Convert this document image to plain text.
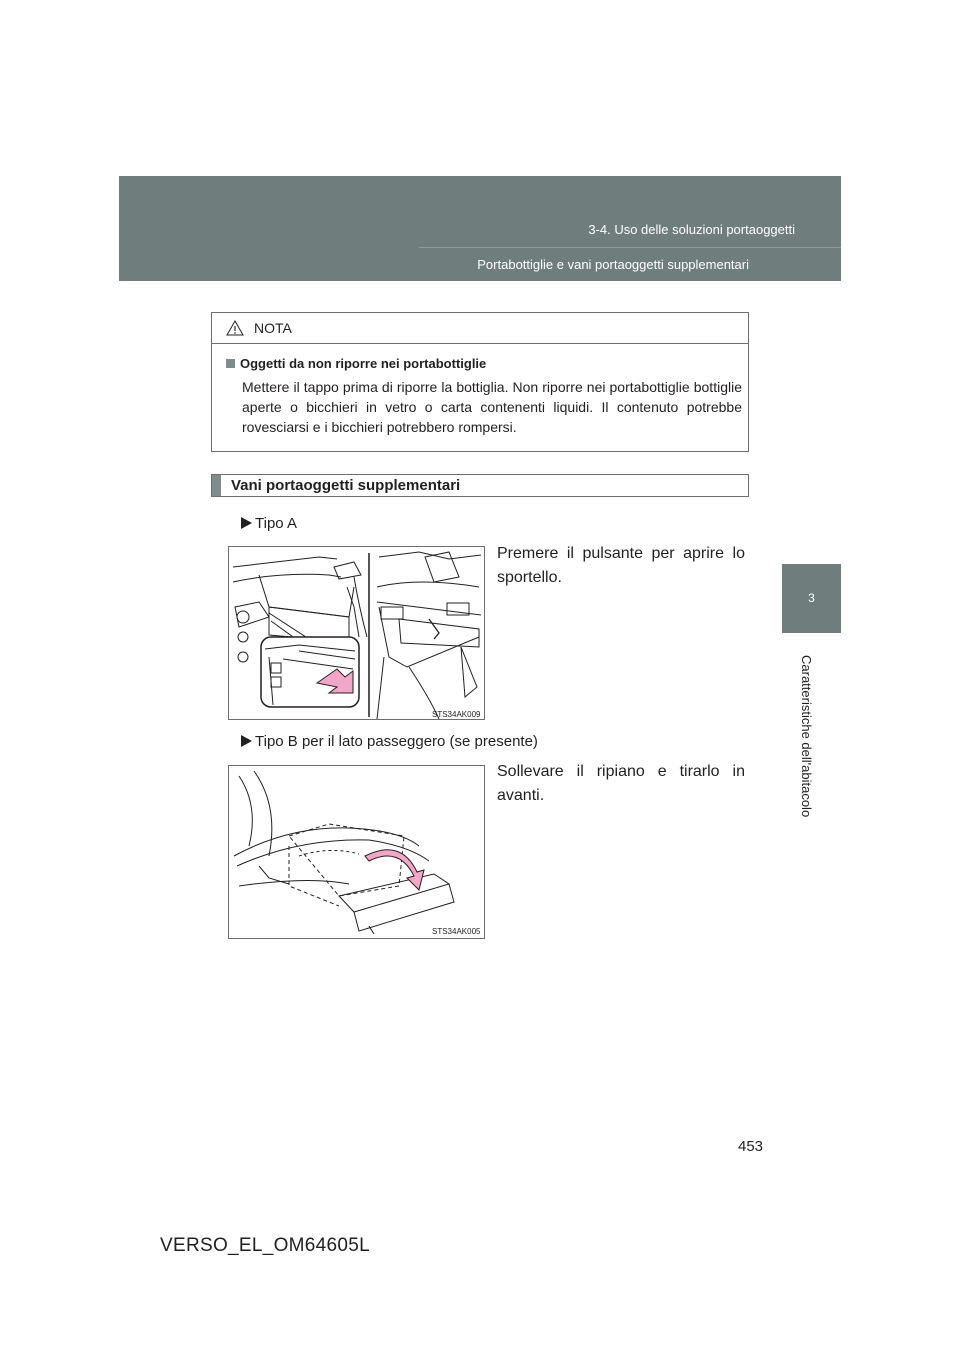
3-4. Uso delle soluzioni portaoggetti
Portabottiglie e vani portaoggetti supplementari
3
Caratteristiche dell'abitacolo
NOTA
Oggetti da non riporre nei portabottiglie
Mettere il tappo prima di riporre la bottiglia. Non riporre nei portabottiglie bottiglie aperte o bicchieri in vetro o carta contenenti liquidi. Il contenuto potrebbe rovesciarsi e i bicchieri potrebbero rompersi.
Vani portaoggetti supplementari
Tipo A
Premere il pulsante per aprire lo sportello.
STS34AK009
Tipo B per il lato passeggero (se presente)
Sollevare il ripiano e tirarlo in avanti.
STS34AK005
453
VERSO_EL_OM64605L
